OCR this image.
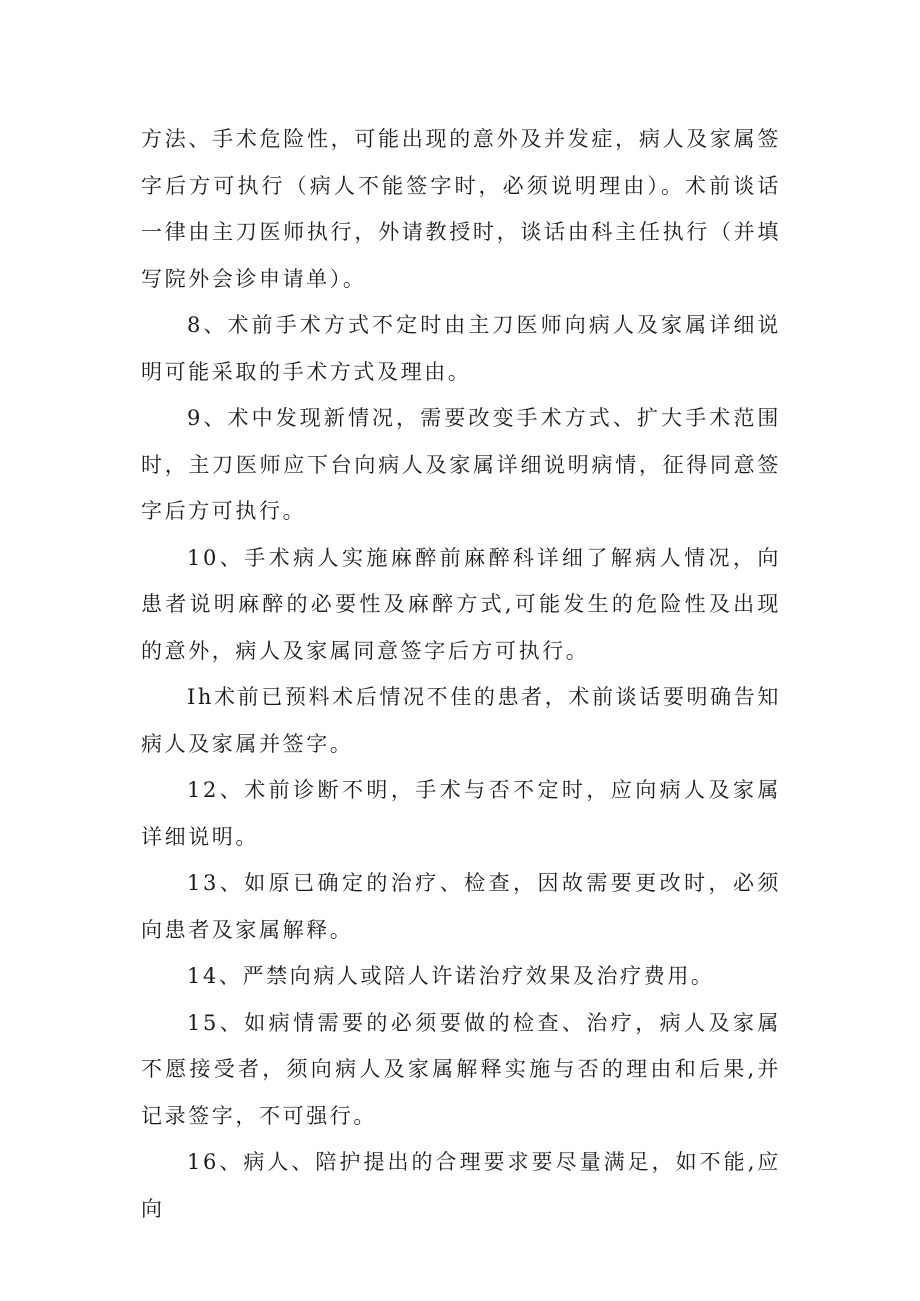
方法、手术危险性，可能出现的意外及并发症，病人及家属签字后方可执行（病人不能签字时，必须说明理由）。术前谈话一律由主刀医师执行，外请教授时，谈话由科主任执行（并填写院外会诊申请单）。

8、术前手术方式不定时由主刀医师向病人及家属详细说明可能采取的手术方式及理由。

9、术中发现新情况，需要改变手术方式、扩大手术范围时，主刀医师应下台向病人及家属详细说明病情，征得同意签字后方可执行。

10、手术病人实施麻醉前麻醉科详细了解病人情况，向患者说明麻醉的必要性及麻醉方式,可能发生的危险性及出现的意外，病人及家属同意签字后方可执行。

Ih术前已预料术后情况不佳的患者，术前谈话要明确告知病人及家属并签字。

12、术前诊断不明，手术与否不定时，应向病人及家属详细说明。

13、如原已确定的治疗、检查，因故需要更改时，必须向患者及家属解释。

14、严禁向病人或陪人许诺治疗效果及治疗费用。

15、如病情需要的必须要做的检查、治疗，病人及家属不愿接受者，须向病人及家属解释实施与否的理由和后果,并记录签字，不可强行。

16、病人、陪护提出的合理要求要尽量满足，如不能,应向
